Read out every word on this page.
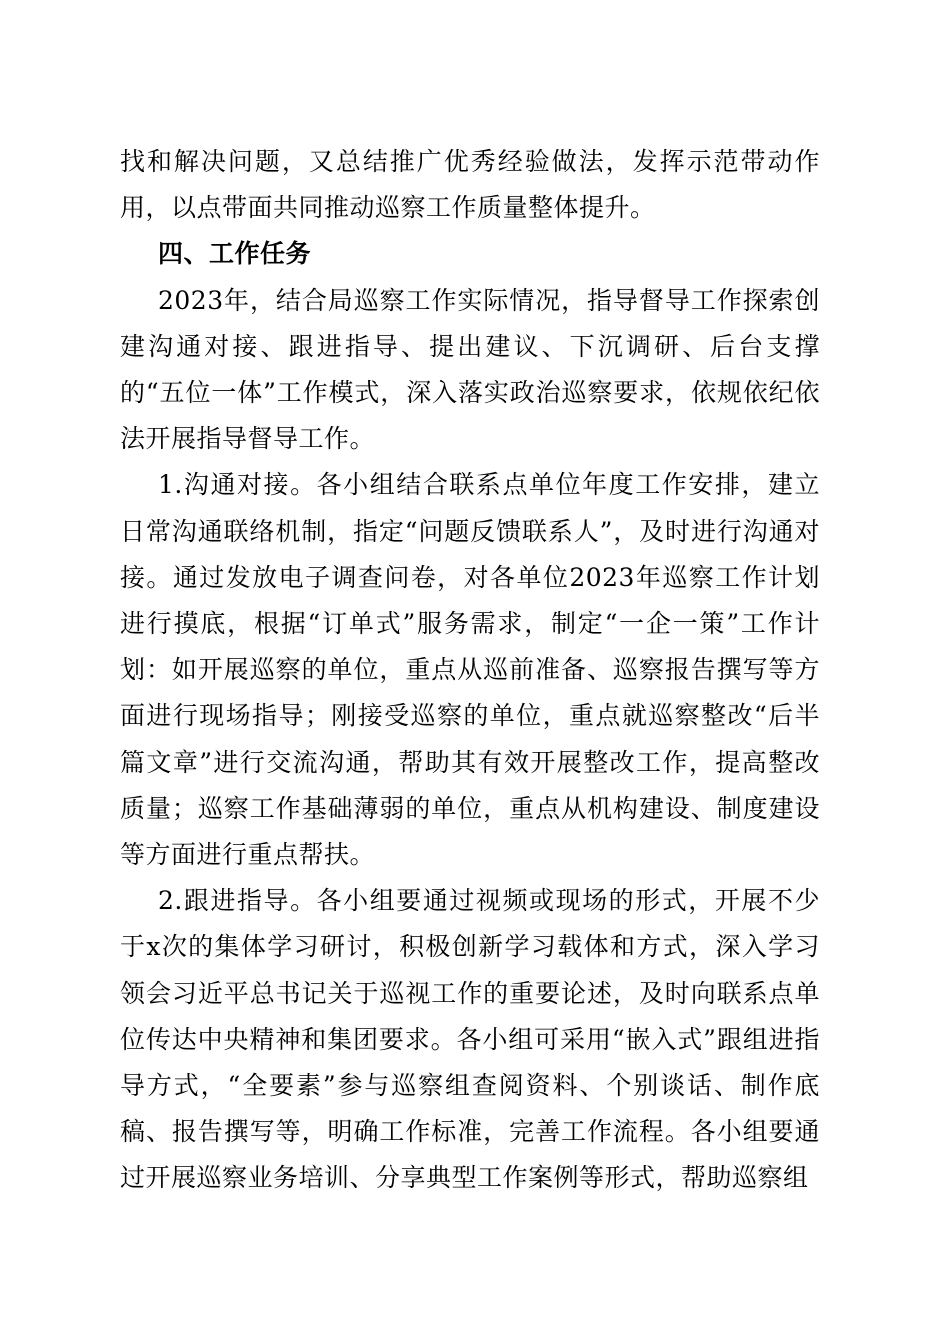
找和解决问题，又总结推广优秀经验做法，发挥示范带动作用，以点带面共同推动巡察工作质量整体提升。

四、工作任务

2023年，结合局巡察工作实际情况，指导督导工作探索创建沟通对接、跟进指导、提出建议、下沉调研、后台支撑的“五位一体”工作模式，深入落实政治巡察要求，依规依纪依法开展指导督导工作。

1.沟通对接。各小组结合联系点单位年度工作安排，建立日常沟通联络机制，指定“问题反馈联系人”，及时进行沟通对接。通过发放电子调查问卷，对各单位2023年巡察工作计划进行摸底，根据“订单式”服务需求，制定“一企一策”工作计划：如开展巡察的单位，重点从巡前准备、巡察报告撰写等方面进行现场指导；刚接受巡察的单位，重点就巡察整改“后半篇文章”进行交流沟通，帮助其有效开展整改工作，提高整改质量；巡察工作基础薄弱的单位，重点从机构建设、制度建设等方面进行重点帮扶。

2.跟进指导。各小组要通过视频或现场的形式，开展不少于x次的集体学习研讨，积极创新学习载体和方式，深入学习领会习近平总书记关于巡视工作的重要论述，及时向联系点单位传达中央精神和集团要求。各小组可采用“嵌入式”跟组进指导方式，“全要素”参与巡察组查阅资料、个别谈话、制作底稿、报告撰写等，明确工作标准，完善工作流程。各小组要通过开展巡察业务培训、分享典型工作案例等形式，帮助巡察组
